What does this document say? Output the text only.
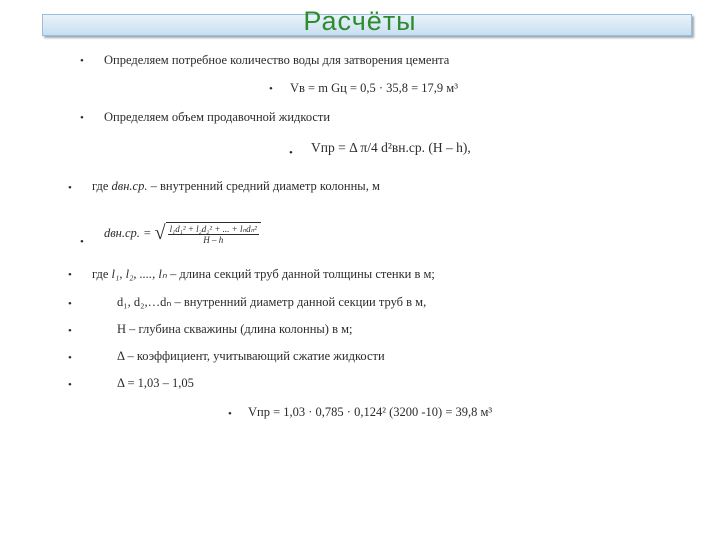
Расчёты
• Определяем потребное количество воды для затворения цемента
• Vв = m Gц = 0,5 · 35,8 = 17,9 м³
• Определяем объем продавочной жидкости
• Vпр = Δ π/4 d²вн.ср. (H – h),
• где dвн.ср. – внутренний средний диаметр колонны, м
•
dвн.ср. = √ $\frac{\text{l₁d₁² + l₂d₂² + ... + lₙdₙ²}}{H - h}$
• где l₁, l₂, ...., lₙ – длина секций труб данной толщины стенки в м;
•	d₁, d₂,…dₙ – внутренний диаметр данной секции труб в м,
•	H – глубина скважины (длина колонны) в м;
•	Δ – коэффициент, учитывающий сжатие жидкости
•	Δ = 1,03 – 1,05
• Vпр = 1,03 · 0,785 · 0,124² (3200 -10) = 39,8 м³
